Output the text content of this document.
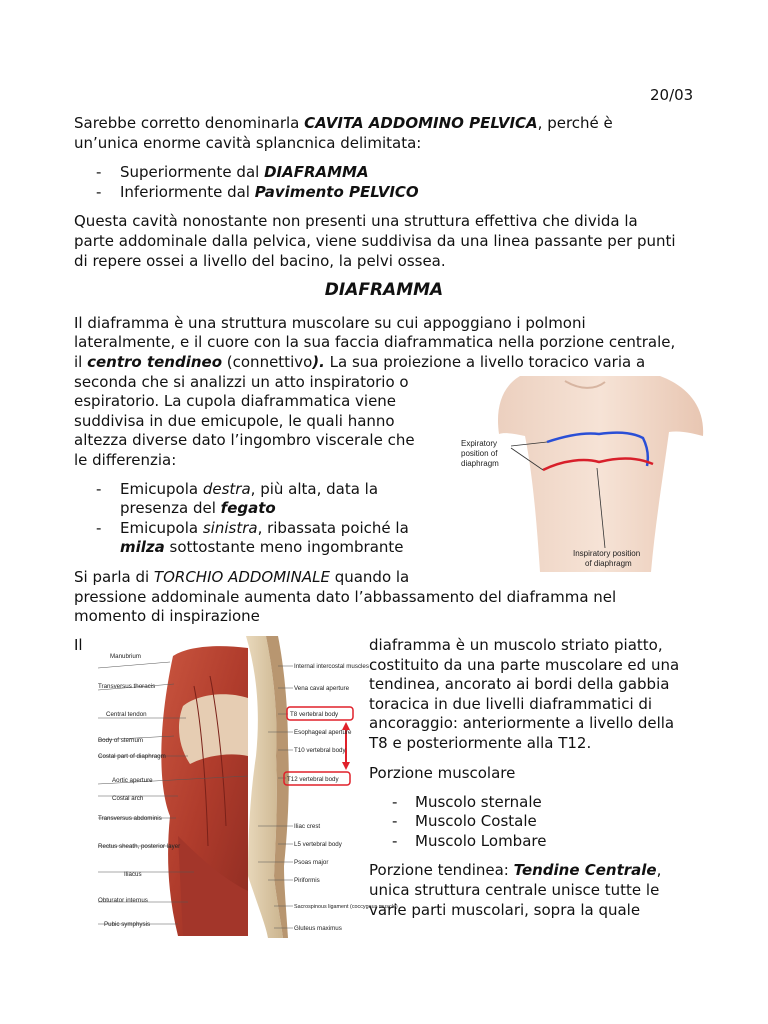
20/03

Sarebbe corretto denominarla CAVITA ADDOMINO PELVICA, perché è

un’unica enorme cavità splancnica delimitata:

- Superiormente dal DIAFRAMMA

- Inferiormente dal Pavimento PELVICO

Questa cavità nonostante non presenti una struttura effettiva che divida la

parte addominale dalla pelvica, viene suddivisa da una linea passante per punti

di repere ossei a livello del bacino, la pelvi ossea.

DIAFRAMMA

Il diaframma è una struttura muscolare su cui appoggiano i polmoni

lateralmente, e il cuore con la sua faccia diaframmatica nella porzione centrale,

il centro tendineo (connettivo). La sua proiezione a livello toracico varia a

seconda che si analizzi un atto inspiratorio o

espiratorio. La cupola diaframmatica viene

suddivisa in due emicupole, le quali hanno

altezza diverse dato l’ingombro viscerale che

le differenzia:

- Emicupola destra, più alta, data la

presenza del fegato

- Emicupola sinistra, ribassata poiché la

milza sottostante meno ingombrante

Si parla di TORCHIO ADDOMINALE quando la

pressione addominale aumenta dato l’abbassamento del diaframma nel

momento di inspirazione

Expiratory
position of
diaphragm
Inspiratory position
of diaphragm

Il

Manubrium
Transversus thoracis
Central tendon
Body of sternum
Costal part of diaphragm
Aortic aperture
Costal arch
Transversus abdominis
Rectus sheath, posterior layer
Iliacus
Obturator internus
Pubic symphysis
Internal intercostal muscles
Vena caval aperture
T8 vertebral body
Esophageal aperture
T10 vertebral body
T12 vertebral body
Iliac crest
L5 vertebral body
Psoas major
Piriformis
Sacrospinous ligament (coccygeus muscle)
Gluteus maximus

diaframma è un muscolo striato piatto,

costituito da una parte muscolare ed una

tendinea, ancorato ai bordi della gabbia

toracica in due livelli diaframmatici di

ancoraggio: anteriormente a livello della

T8 e posteriormente alla T12.

Porzione muscolare

- Muscolo sternale

- Muscolo Costale

- Muscolo Lombare

Porzione tendinea: Tendine Centrale,

unica struttura centrale unisce tutte le

varie parti muscolari, sopra la quale
